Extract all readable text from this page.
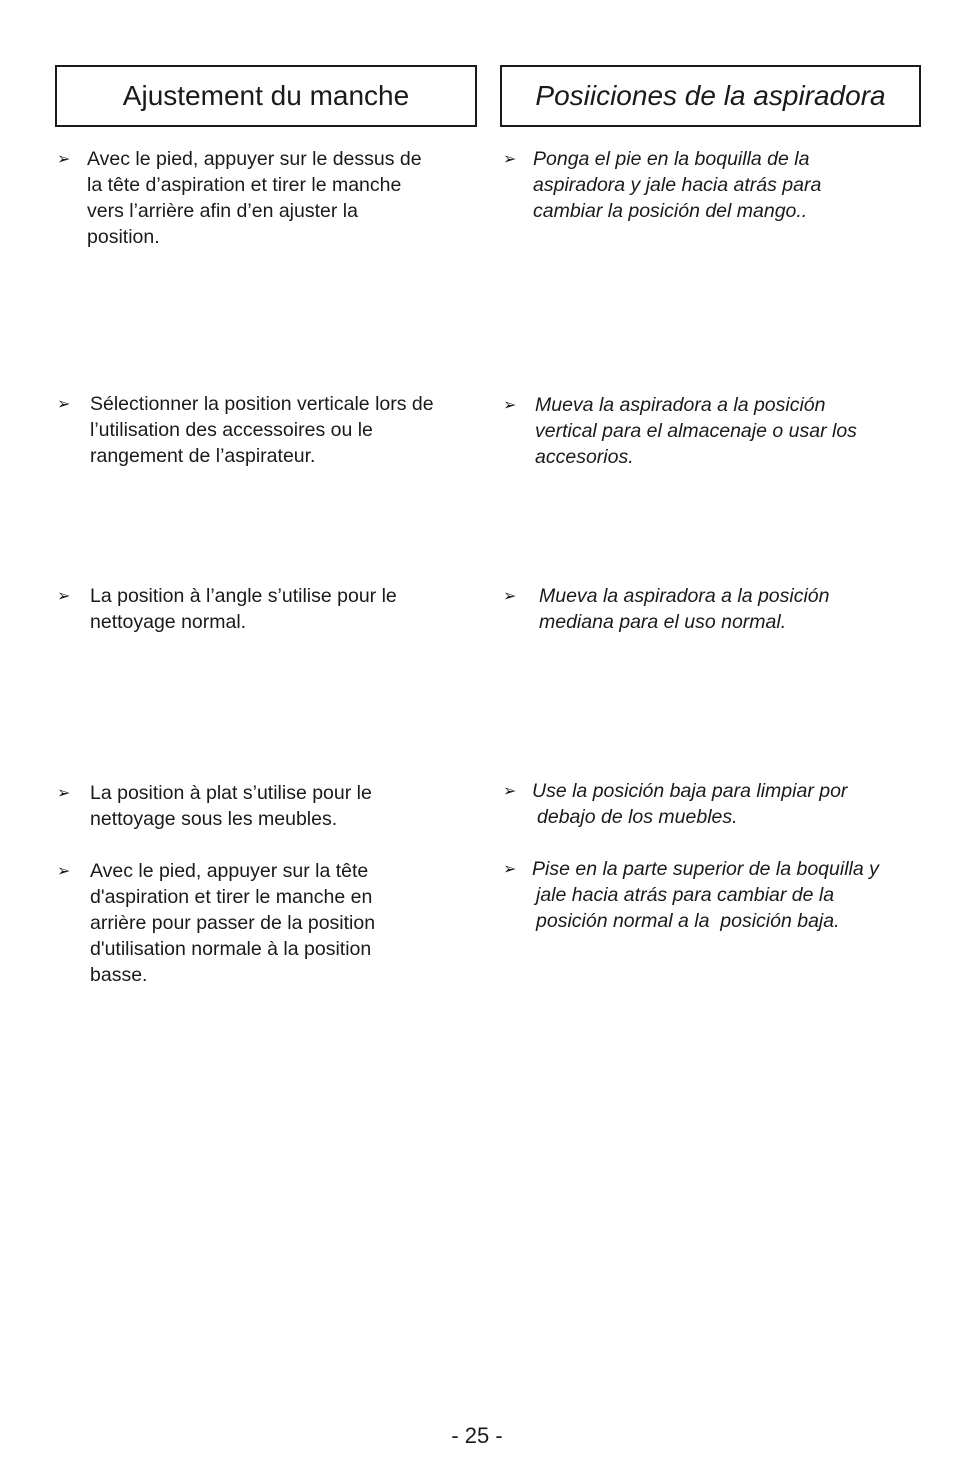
Ajustement du manche	Posiiciones de la aspiradora
➢ Avec le pied, appuyer sur le dessus de
la tête d’aspiration et tirer le manche
vers l’arrière afin d’en ajuster la
position.
➢ Sélectionner la position verticale lors de
l’utilisation des accessoires ou le
rangement de l’aspirateur.
➢ La position à l’angle s’utilise pour le
nettoyage normal.
➢ La position à plat s’utilise pour le
nettoyage sous les meubles.
➢ Avec le pied, appuyer sur la tête
d'aspiration et tirer le manche en
arrière pour passer de la position
d'utilisation normale à la position
basse.
➢ Ponga el pie en la boquilla de la
aspiradora y jale hacia atrás para
cambiar la posición del mango..
➢ Mueva la aspiradora a la posición
vertical para el almacenaje o usar los
accesorios.
➢ Mueva la aspiradora a la posición
mediana para el uso normal.
➢ Use la posición baja para limpiar por
debajo de los muebles.
➢ Pise en la parte superior de la boquilla y
jale hacia atrás para cambiar de la
posición normal a la  posición baja.
- 25 -
